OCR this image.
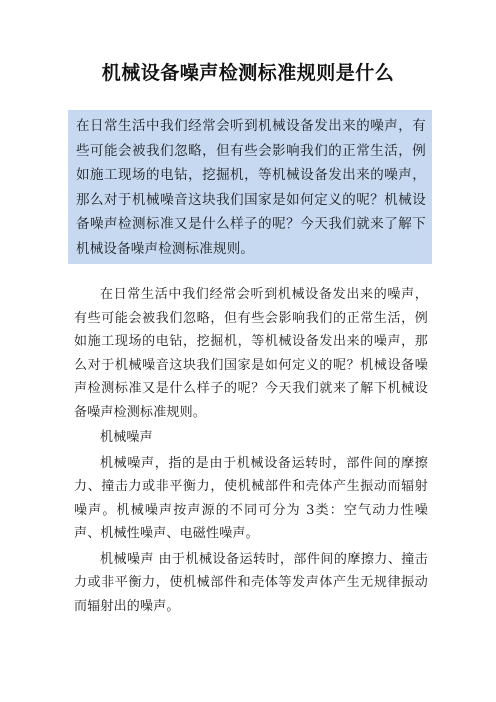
机械设备噪声检测标准规则是什么
在日常生活中我们经常会听到机械设备发出来的噪声，有些可能会被我们忽略，但有些会影响我们的正常生活，例如施工现场的电钻，挖掘机，等机械设备发出来的噪声，那么对于机械噪音这块我们国家是如何定义的呢？机械设备噪声检测标准又是什么样子的呢？今天我们就来了解下机械设备噪声检测标准规则。

在日常生活中我们经常会听到机械设备发出来的噪声，有些可能会被我们忽略，但有些会影响我们的正常生活，例如施工现场的电钻，挖掘机，等机械设备发出来的噪声，那么对于机械噪音这块我们国家是如何定义的呢？机械设备噪声检测标准又是什么样子的呢？今天我们就来了解下机械设备噪声检测标准规则。

机械噪声

机械噪声，指的是由于机械设备运转时，部件间的摩擦力、撞击力或非平衡力，使机械部件和壳体产生振动而辐射噪声。机械噪声按声源的不同可分为 3类：空气动力性噪声、机械性噪声、电磁性噪声。

机械噪声 由于机械设备运转时，部件间的摩擦力、撞击力或非平衡力，使机械部件和壳体等发声体产生无规律振动而辐射出的噪声。
